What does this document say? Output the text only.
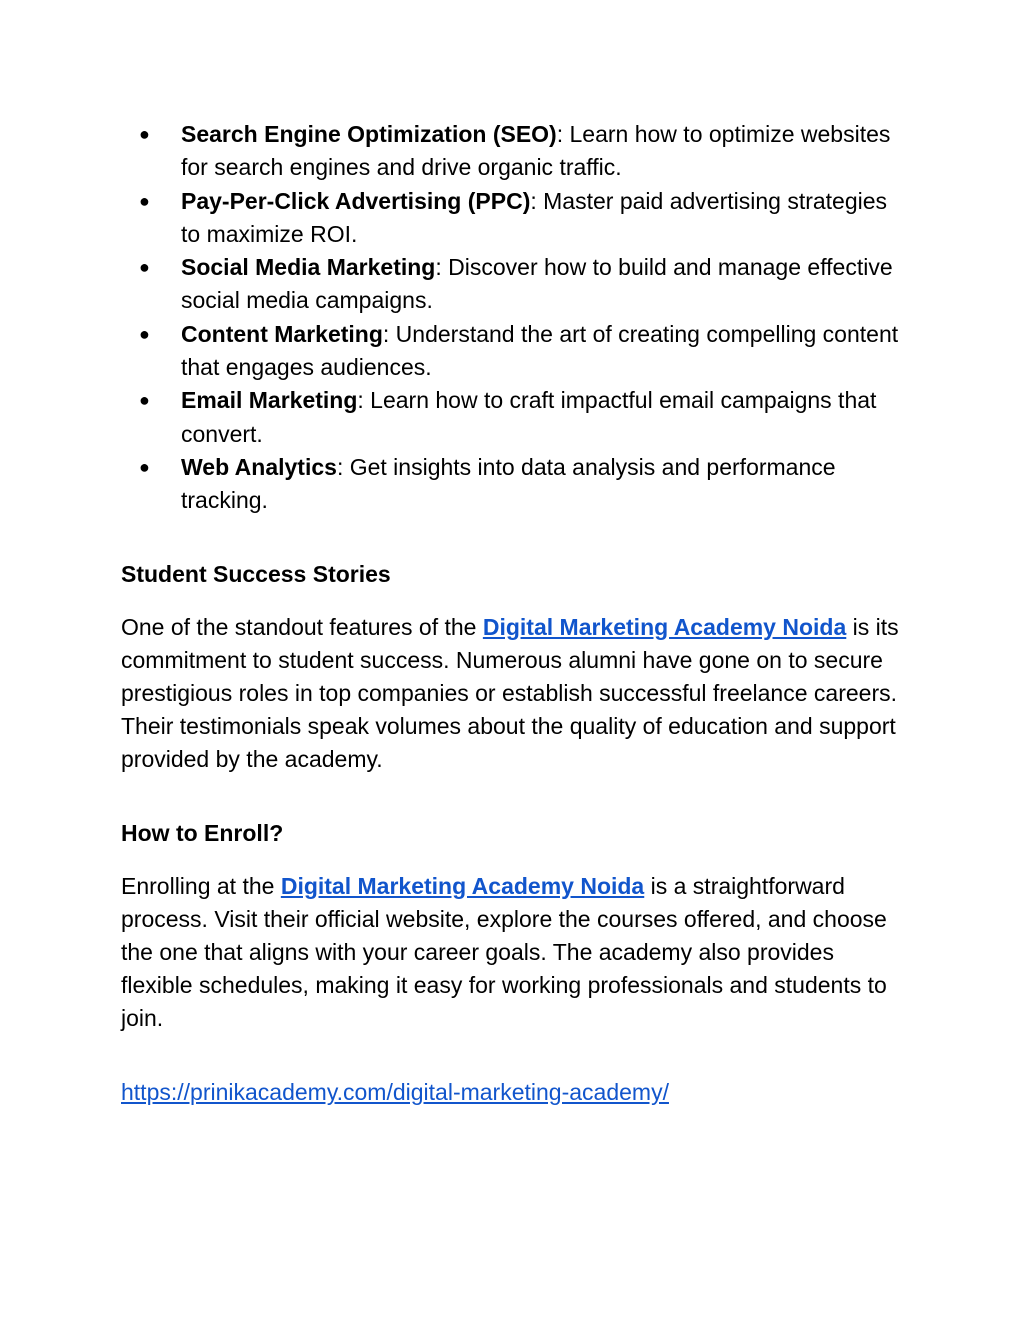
● Search Engine Optimization (SEO): Learn how to optimize websites for search engines and drive organic traffic.
● Pay-Per-Click Advertising (PPC): Master paid advertising strategies to maximize ROI.
● Social Media Marketing: Discover how to build and manage effective social media campaigns.
● Content Marketing: Understand the art of creating compelling content that engages audiences.
● Email Marketing: Learn how to craft impactful email campaigns that convert.
● Web Analytics: Get insights into data analysis and performance tracking.
Student Success Stories

One of the standout features of the Digital Marketing Academy Noida is its commitment to student success. Numerous alumni have gone on to secure prestigious roles in top companies or establish successful freelance careers. Their testimonials speak volumes about the quality of education and support provided by the academy.

How to Enroll?

Enrolling at the Digital Marketing Academy Noida is a straightforward process. Visit their official website, explore the courses offered, and choose the one that aligns with your career goals. The academy also provides flexible schedules, making it easy for working professionals and students to join.

https://prinikacademy.com/digital-marketing-academy/
